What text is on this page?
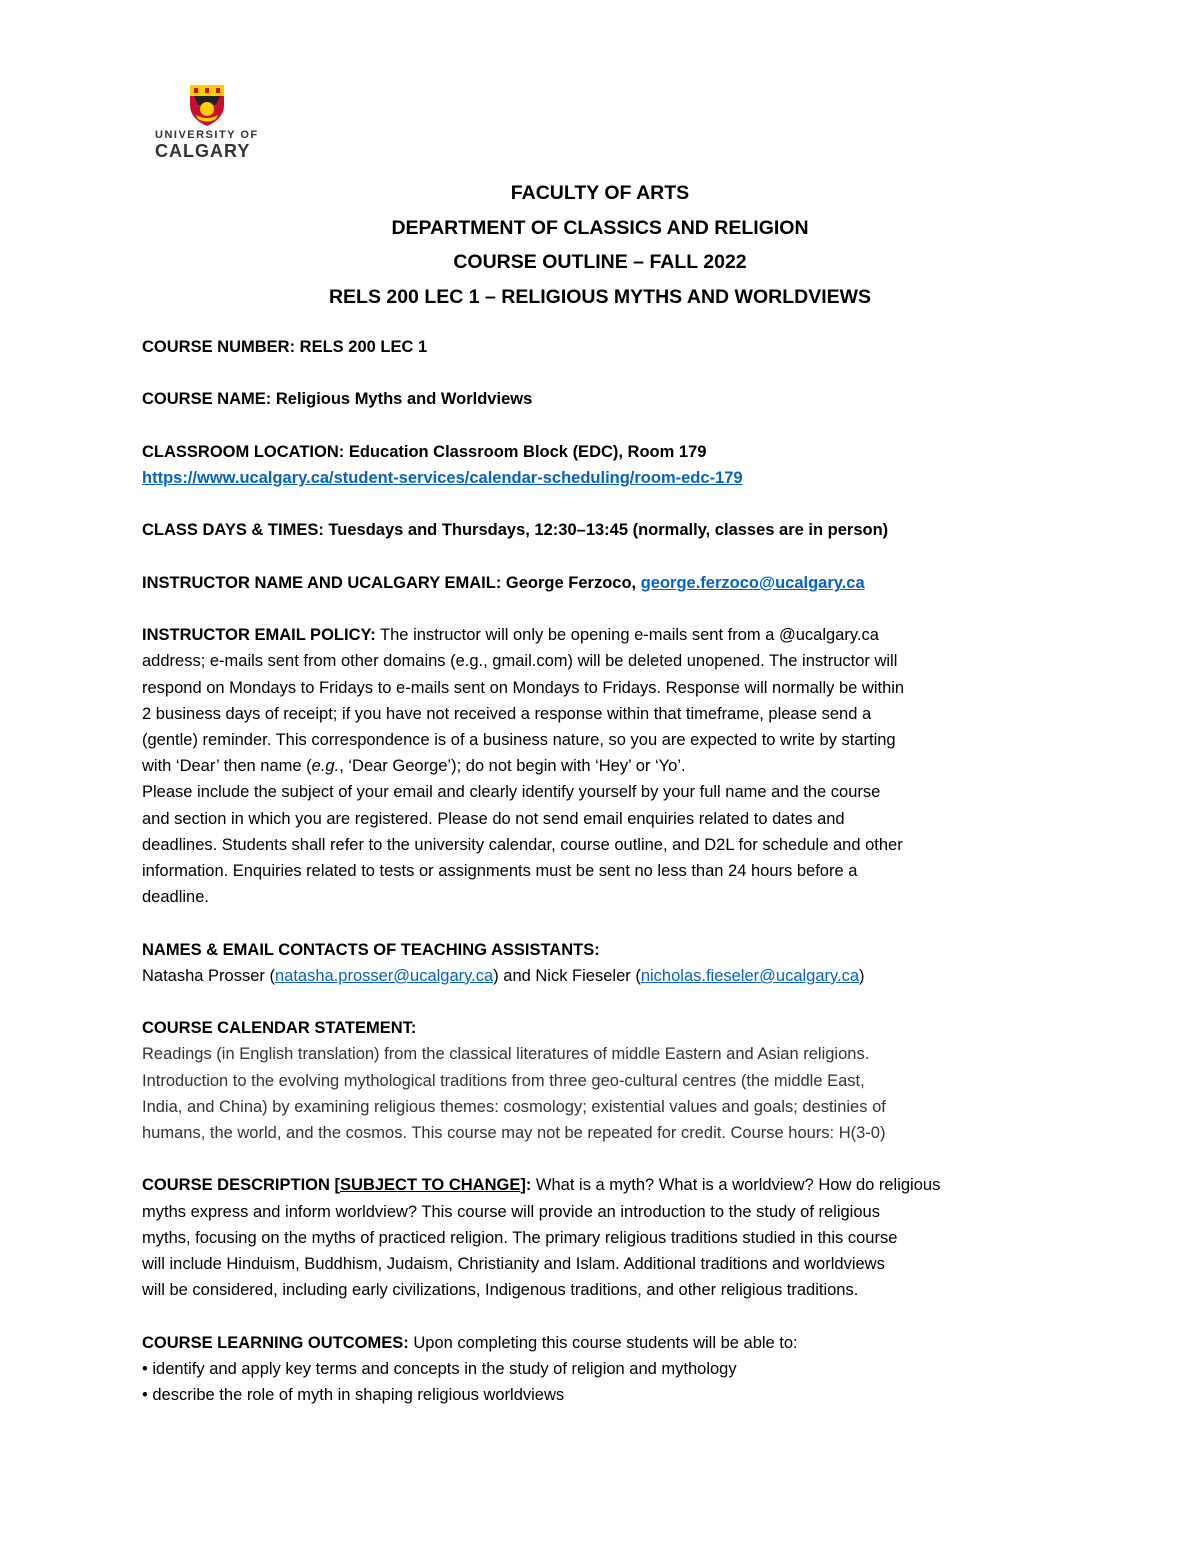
UNIVERSITY OF
CALGARY
FACULTY OF ARTS
DEPARTMENT OF CLASSICS AND RELIGION
COURSE OUTLINE – FALL 2022
RELS 200 LEC 1 – RELIGIOUS MYTHS AND WORLDVIEWS
COURSE NUMBER: RELS 200 LEC 1
COURSE NAME: Religious Myths and Worldviews
CLASSROOM LOCATION: Education Classroom Block (EDC), Room 179
https://www.ucalgary.ca/student-services/calendar-scheduling/room-edc-179
CLASS DAYS & TIMES: Tuesdays and Thursdays, 12:30–13:45 (normally, classes are in person)
INSTRUCTOR NAME AND UCALGARY EMAIL: George Ferzoco, george.ferzoco@ucalgary.ca
INSTRUCTOR EMAIL POLICY: The instructor will only be opening e-mails sent from a @ucalgary.ca
address; e-mails sent from other domains (e.g., gmail.com) will be deleted unopened. The instructor will
respond on Mondays to Fridays to e-mails sent on Mondays to Fridays. Response will normally be within
2 business days of receipt; if you have not received a response within that timeframe, please send a
(gentle) reminder. This correspondence is of a business nature, so you are expected to write by starting
with ‘Dear’ then name (e.g., ‘Dear George’); do not begin with ‘Hey’ or ‘Yo’.
Please include the subject of your email and clearly identify yourself by your full name and the course
and section in which you are registered. Please do not send email enquiries related to dates and
deadlines. Students shall refer to the university calendar, course outline, and D2L for schedule and other
information. Enquiries related to tests or assignments must be sent no less than 24 hours before a
deadline.
NAMES & EMAIL CONTACTS OF TEACHING ASSISTANTS:
Natasha Prosser (natasha.prosser@ucalgary.ca) and Nick Fieseler (nicholas.fieseler@ucalgary.ca)
COURSE CALENDAR STATEMENT:
Readings (in English translation) from the classical literatures of middle Eastern and Asian religions.
Introduction to the evolving mythological traditions from three geo-cultural centres (the middle East,
India, and China) by examining religious themes: cosmology; existential values and goals; destinies of
humans, the world, and the cosmos. This course may not be repeated for credit. Course hours: H(3-0)
COURSE DESCRIPTION [SUBJECT TO CHANGE]: What is a myth? What is a worldview? How do religious
myths express and inform worldview? This course will provide an introduction to the study of religious
myths, focusing on the myths of practiced religion. The primary religious traditions studied in this course
will include Hinduism, Buddhism, Judaism, Christianity and Islam. Additional traditions and worldviews
will be considered, including early civilizations, Indigenous traditions, and other religious traditions.
COURSE LEARNING OUTCOMES: Upon completing this course students will be able to:
• identify and apply key terms and concepts in the study of religion and mythology
• describe the role of myth in shaping religious worldviews
